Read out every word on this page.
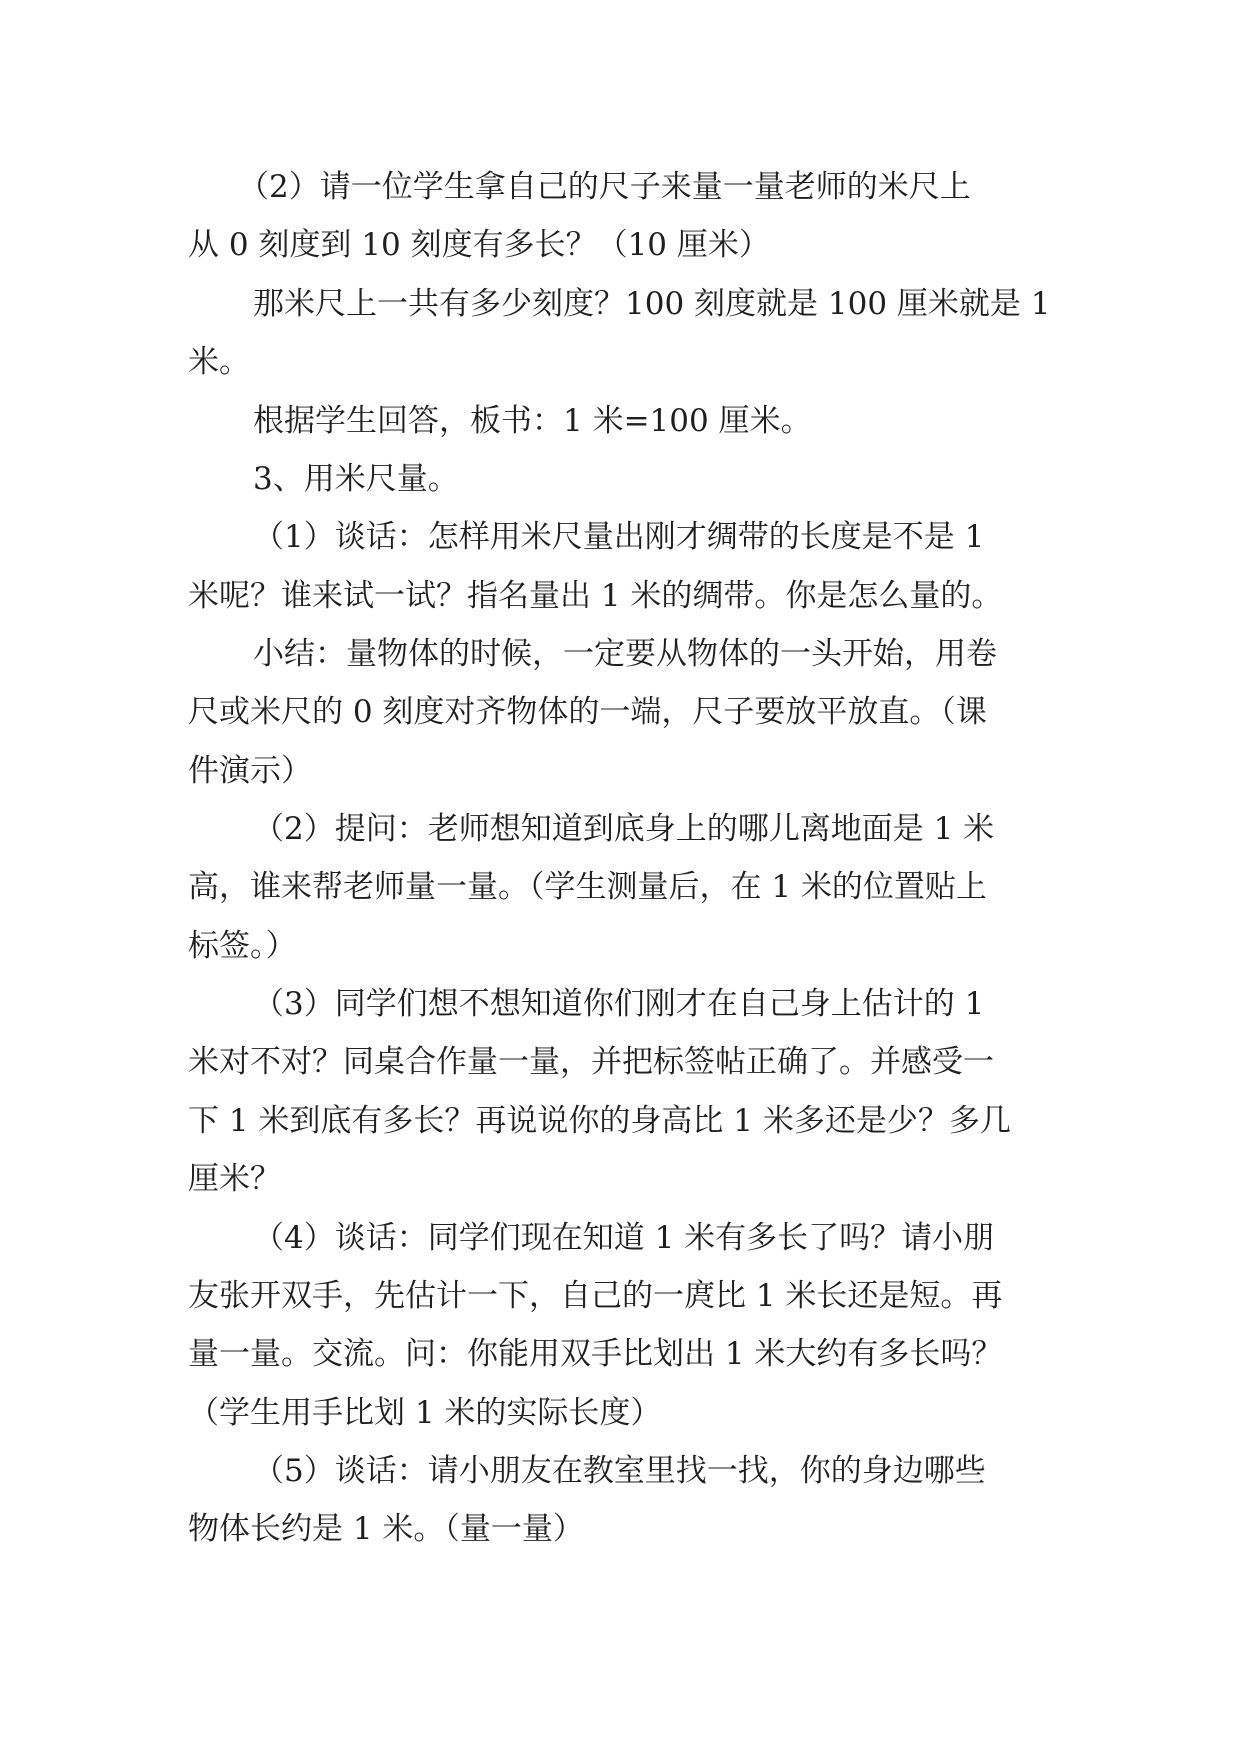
（2）请一位学生拿自己的尺子来量一量老师的米尺上
从 0 刻度到 10 刻度有多长？（10 厘米）
那米尺上一共有多少刻度？100 刻度就是 100 厘米就是 1
米。
根据学生回答，板书：1 米=100 厘米。
3、用米尺量。
（1）谈话：怎样用米尺量出刚才绸带的长度是不是 1
米呢？谁来试一试？指名量出 1 米的绸带。你是怎么量的。
小结：量物体的时候，一定要从物体的一头开始，用卷
尺或米尺的 0 刻度对齐物体的一端，尺子要放平放直。（课
件演示）
（2）提问：老师想知道到底身上的哪儿离地面是 1 米
高，谁来帮老师量一量。（学生测量后，在 1 米的位置贴上
标签。）
（3）同学们想不想知道你们刚才在自己身上估计的 1
米对不对？同桌合作量一量，并把标签帖正确了。并感受一
下 1 米到底有多长？再说说你的身高比 1 米多还是少？多几
厘米？
（4）谈话：同学们现在知道 1 米有多长了吗？请小朋
友张开双手，先估计一下，自己的一庹比 1 米长还是短。再
量一量。交流。问：你能用双手比划出 1 米大约有多长吗？
（学生用手比划 1 米的实际长度）
（5）谈话：请小朋友在教室里找一找，你的身边哪些
物体长约是 1 米。（量一量）
